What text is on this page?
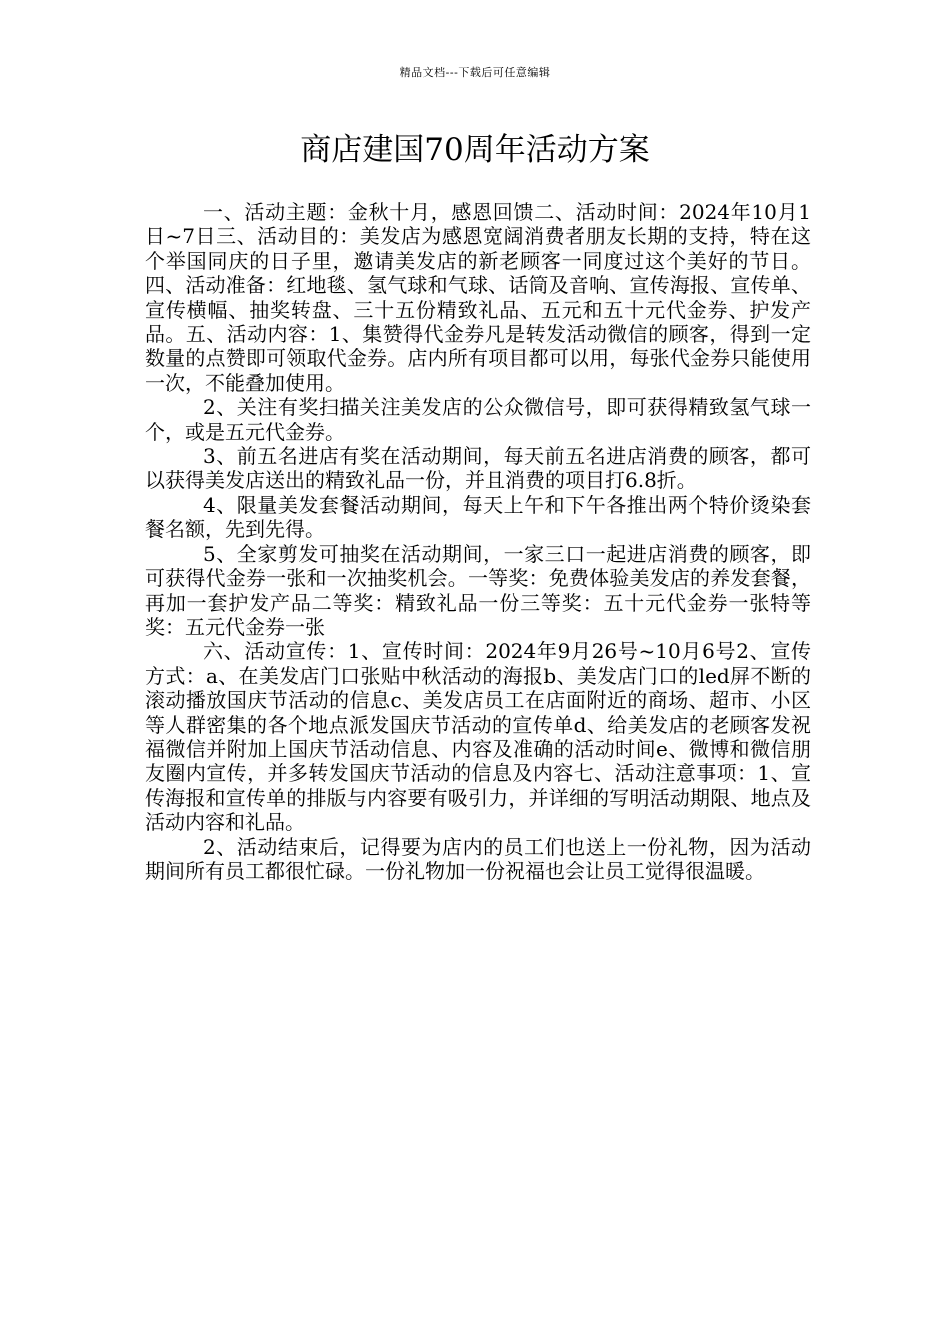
精品文档---下载后可任意编辑
商店建国70周年活动方案

一、活动主题：金秋十月，感恩回馈二、活动时间：2024年10月1日~7日三、活动目的：美发店为感恩宽阔消费者朋友长期的支持，特在这个举国同庆的日子里，邀请美发店的新老顾客一同度过这个美好的节日。四、活动准备：红地毯、氢气球和气球、话筒及音响、宣传海报、宣传单、宣传横幅、抽奖转盘、三十五份精致礼品、五元和五十元代金券、护发产品。五、活动内容：1、集赞得代金券凡是转发活动微信的顾客，得到一定数量的点赞即可领取代金券。店内所有项目都可以用，每张代金券只能使用一次，不能叠加使用。

2、关注有奖扫描关注美发店的公众微信号，即可获得精致氢气球一个，或是五元代金券。

3、前五名进店有奖在活动期间，每天前五名进店消费的顾客，都可以获得美发店送出的精致礼品一份，并且消费的项目打6.8折。

4、限量美发套餐活动期间，每天上午和下午各推出两个特价烫染套餐名额，先到先得。

5、全家剪发可抽奖在活动期间，一家三口一起进店消费的顾客，即可获得代金券一张和一次抽奖机会。一等奖：免费体验美发店的养发套餐，再加一套护发产品二等奖：精致礼品一份三等奖：五十元代金券一张特等奖：五元代金券一张

六、活动宣传：1、宣传时间：2024年9月26号~10月6号2、宣传方式：a、在美发店门口张贴中秋活动的海报b、美发店门口的led屏不断的滚动播放国庆节活动的信息c、美发店员工在店面附近的商场、超市、小区等人群密集的各个地点派发国庆节活动的宣传单d、给美发店的老顾客发祝福微信并附加上国庆节活动信息、内容及准确的活动时间e、微博和微信朋友圈内宣传，并多转发国庆节活动的信息及内容七、活动注意事项：1、宣传海报和宣传单的排版与内容要有吸引力，并详细的写明活动期限、地点及活动内容和礼品。

2、活动结束后，记得要为店内的员工们也送上一份礼物，因为活动期间所有员工都很忙碌。一份礼物加一份祝福也会让员工觉得很温暖。
